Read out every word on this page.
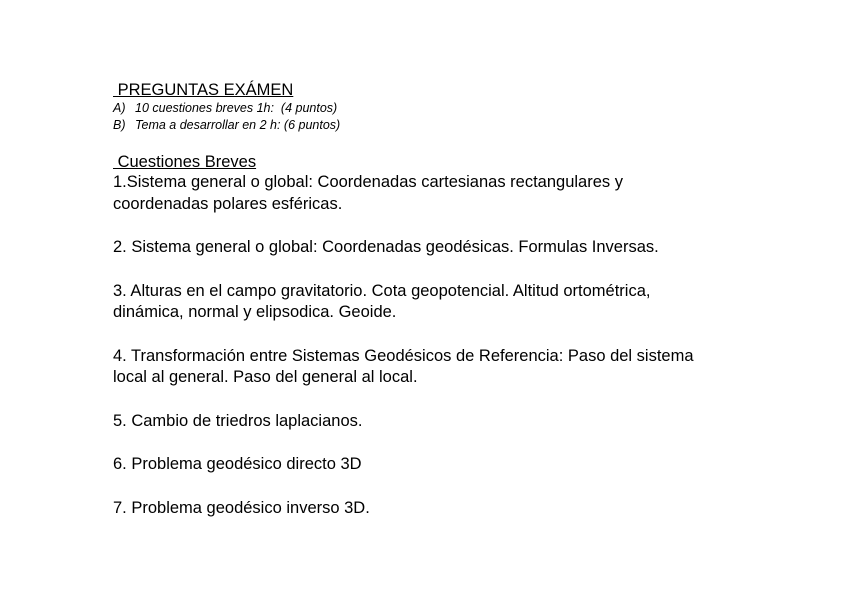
PREGUNTAS EXÁMEN
A) 10 cuestiones breves 1h:  (4 puntos)
B) Tema a desarrollar en 2 h: (6 puntos)
Cuestiones Breves
1.Sistema general o global: Coordenadas cartesianas rectangulares y
coordenadas polares esféricas.
2. Sistema general o global: Coordenadas geodésicas. Formulas Inversas.
3. Alturas en el campo gravitatorio. Cota geopotencial. Altitud ortométrica,
dinámica, normal y elipsodica. Geoide.
4. Transformación entre Sistemas Geodésicos de Referencia: Paso del sistema
local al general. Paso del general al local.
5. Cambio de triedros laplacianos.
6. Problema geodésico directo 3D
7. Problema geodésico inverso 3D.
